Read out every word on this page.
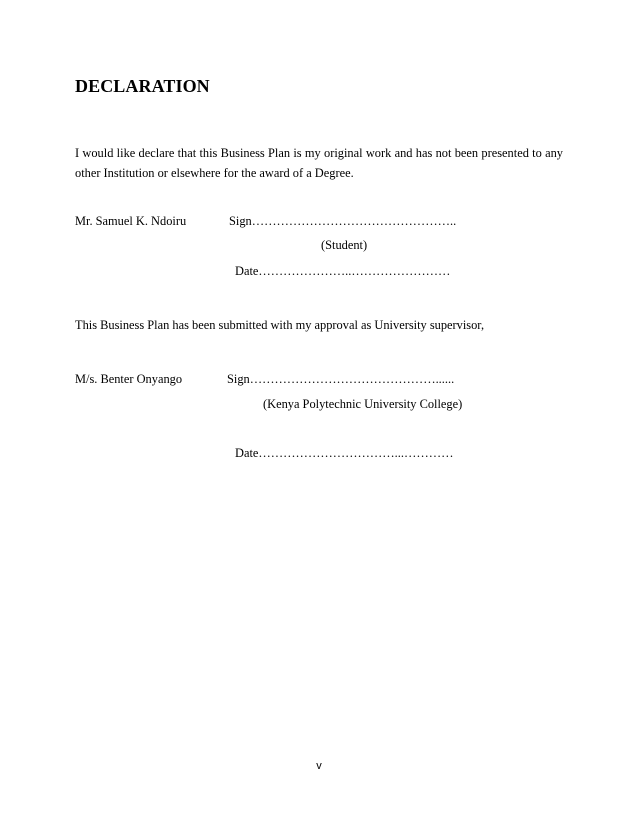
DECLARATION
I would like declare that this Business Plan is my original work and has not been presented to any other Institution or elsewhere for the award of a Degree.
Mr. Samuel K. Ndoiru	Sign…………………………………………..
(Student)
Date…………………..……………………
This Business Plan has been submitted with my approval as University supervisor,
M/s. Benter Onyango	Sign………………………………………......
(Kenya Polytechnic University College)
Date……………………………...…………
v
